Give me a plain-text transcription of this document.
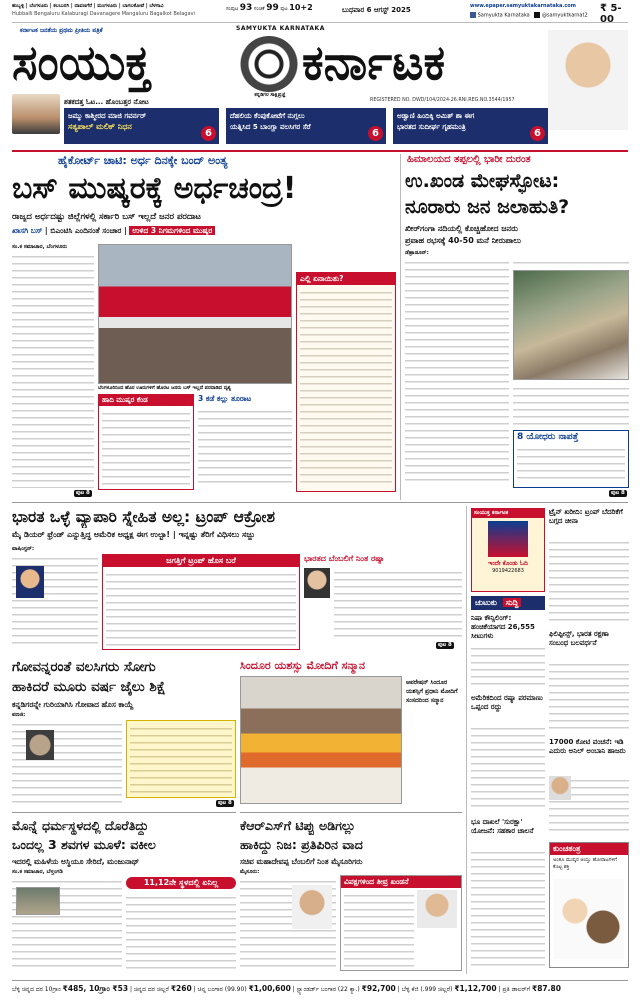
ಹುಬ್ಬಳ್ಳಿ | ಬೆಂಗಳೂರು | ಕಲಬುರಗಿ | ದಾವಣಗೆರೆ | ಮಂಗಳೂರು | ಬಾಗಲಕೋಟೆ | ಬೆಳಗಾವಿ
Hubballi Bengaluru Kalaburagi Davanagere Mangaluru Bagalkot Belagavi
ಸಂಪುಟ 93 ಸಂಚಿಕೆ 99 ಪುಟ 10+2	ಬುಧವಾರ 6 ಆಗಸ್ಟ್ 2025	www.epaper.samyuktakarnataka.com
Samyukta Karnataka @samyuktkarnat2
₹ 5-00
ಕರ್ನಾಟಕ ಜನತೆಯ ಪ್ರಥಮ ಪ್ರೀತಿಯ ಪತ್ರಿಕೆ	SAMYUKTA KARNATAKA
ಸಂಯುಕ್ತ
ಕನ್ನಡಿಗರ ಸಾಕ್ಷಿಪ್ರಜ್ಞೆ
ಕರ್ನಾಟಕ
ಶತಕದತ್ತ ಓಟ... ಹೊಂಬತ್ತರ ನೋಟ	REGISTERED NO. DWD/104/2024-26.RNI.REG.NO.3544/1957
ಜಮ್ಮು ಕಾಶ್ಮೀರದ ಮಾಜಿ ಗವರ್ನರ್
ಸತ್ಯಪಾಲ್ ಮಲಿಕ್ ನಿಧನ
6
ದೆಹಲಿಯ ಕೆಂಪುಕೋಟೆಗೆ ನುಗ್ಗಲು
ಯತ್ನಿಸಿದ 5 ಬಾಂಗ್ಲಾ ವಲಸಿಗರ ಸೆರೆ
6
ಅಡ್ವಾಣಿ ಹಿಂದಿಕ್ಕಿ ಅಮಿತ್ ಶಾ ಈಗ
ಭಾರತದ ಸುದೀರ್ಘ ಗೃಹಮಂತ್ರಿ
6
ಹೈಕೋರ್ಟ್ ಚಾಟಿ: ಅರ್ಧ ದಿನಕ್ಕೇ ಬಂದ್ ಅಂತ್ಯ
ಬಸ್ ಮುಷ್ಕರಕ್ಕೆ ಅರ್ಧಚಂದ್ರ!
ರಾಜ್ಯದ ಅರ್ಧದಷ್ಟು ಜಿಲ್ಲೆಗಳಲ್ಲಿ ಸರ್ಕಾರಿ ಬಸ್ ಇಲ್ಲದೆ ಜನರ ಪರದಾಟ
ಖಾಸಗಿ ಬಸ್ | ಬಿಎಂಟಿಸಿ ಎಂದಿನಂತೆ ಸಂಚಾರ | ಉಳಿದ 3 ನಿಗಮಗಳಿಂದ ಮುಷ್ಕರ
ಸಂ.ಕ ಸಮಾಚಾರ, ಬೆಂಗಳೂರು
ಪುಟ 8
ಬೆಂಗಳೂರಿನಿಂದ ಹೊರ ಊರುಗಳಿಗೆ ಹೊರಟ ಜನರು ಬಸ್ ಇಲ್ಲದೆ ಪರದಾಡಿದ ದೃಶ್ಯ
ಹಾದಿ ಮುಷ್ಕರ ಕೆಂಡ	3 ಕಡೆ ಕಲ್ಲು ತೂರಾಟ
ಎಲ್ಲಿ ಏನಾಯಿತು?
ಹಿಮಾಲಯದ ತಪ್ಪಲಲ್ಲಿ ಭಾರೀ ದುರಂತ
ಉ.ಖಂಡ ಮೇಘಸ್ಫೋಟ:
ನೂರಾರು ಜನ ಜಲಾಹುತಿ?
ಖೀರ್‌ಗಂಗಾ ನದಿಯಲ್ಲಿ ಕೊಚ್ಚಿಹೋದ ಜನರು
ಪ್ರವಾಹ ರಭಸಕ್ಕೆ 40-50 ಮನೆ ನೀರುಪಾಲು
ಡೆಹ್ರಾಡೂನ್:
8 ಯೋಧರು ನಾಪತ್ತೆ
ಪುಟ 8
ಭಾರತ ಒಳ್ಳೆ ವ್ಯಾಪಾರಿ ಸ್ನೇಹಿತ ಅಲ್ಲ: ಟ್ರಂಪ್ ಆಕ್ರೋಶ
ಮೈ ಡಿಯರ್ ಫ್ರೆಂಡ್ ಎನ್ನುತ್ತಿದ್ದ ಅಮೆರಿಕ ಅಧ್ಯಕ್ಷ ಈಗ ಉಲ್ಟಾ! | ಇನ್ನಷ್ಟು ತೆರಿಗೆ ವಿಧಿಸಲು ಸಜ್ಜು
ವಾಷಿಂಗ್ಟನ್:
ಜಗತ್ತಿಗೆ ಟ್ರಂಪ್ ಹೊಸ ಬರೆ	ಭಾರತದ ಬೆಂಬಲಿಗೆ ನಿಂತ ರಷ್ಯಾ
ಪುಟ 8
ಗೋವನ್ನರಂತೆ ವಲಸಿಗರು ಸೋಗು
ಹಾಕಿದರೆ ಮೂರು ವರ್ಷ ಜೈಲು ಶಿಕ್ಷೆ
ಕನ್ನಡಿಗರನ್ನೇ ಗುರಿಯಾಗಿಸಿ ಗೋವಾದ ಹೊಸ ಕಾಯ್ದೆ
ಪಣಜಿ:
ಪುಟ 8
ಸಿಂದೂರ ಯಶಸ್ಸು ಮೋದಿಗೆ ಸನ್ಮಾನ
ಆಪರೇಷನ್ ಸಿಂದೂರ ಯಶಸ್ಸಿಗೆ ಪ್ರಧಾನಿ ಮೋದಿಗೆ ಸಂಸದರಿಂದ ಸನ್ಮಾನ
ಮೊನ್ನೆ ಧರ್ಮಸ್ಥಳದಲ್ಲಿ ದೊರೆತಿದ್ದು
ಒಂದಲ್ಲ 3 ಶವಗಳ ಮೂಳೆ: ವಕೀಲ
ಇದರಲ್ಲಿ ಮಹಿಳೆಯ ಅಸ್ಥಿಯೂ ಸೇರಿದೆ, ಮಂಜುನಾಥ್
ಸಂ.ಕ ಸಮಾಚಾರ, ಬೆಳ್ತಂಗಡಿ
11,12ನೇ ಸ್ಥಳದಲ್ಲಿ ಏನಿಲ್ಲ
ಕೆಆರ್‌ಎಸ್‌ಗೆ ಟಿಪ್ಪು ಅಡಿಗಲ್ಲು
ಹಾಕಿದ್ದು ನಿಜ: ಪ್ರತಿಪಿರಿನ ವಾದ
ಸಚಿವ ಮಹಾದೇವಪ್ಪ ಬೆಂಬಲಿಗೆ ನಿಂತ ಮೈಸೂರಿಗರು
ಮೈಸೂರು:
ವಿಪಕ್ಷಗಳಿಂದ ತೀವ್ರ ಖಂಡನೆ
ಸಂಯುಕ್ತ ಕರ್ನಾಟಕ
ಇಂದೇ ಕೊಂಡು ಓದಿ
9019422683
ಟ್ರೈನ್ ಖರೀದಿ: ಟ್ರಂಪ್ ಬೆದರಿಕೆಗೆ ಬಗ್ಗದ ಚೀನಾ
ಚುಟುಕು ಸುದ್ದಿ
ನಿಷಾ ಕೌನ್ಸಿಲಿಂಗ್: ಹಂಚಿಕೆಯಾಗದ 26,555 ಸೀಟುಗಳು	ಫಿಲಿಪ್ಪೀನ್ಸ್, ಭಾರತ ರಕ್ಷಣಾ ಸಂಬಂಧ ಬಲವರ್ಧನೆ
ಅಮೆರಿಕದಿಂದ ರಷ್ಯಾ ಪರಮಾಣು ಒಪ್ಪಂದ ರದ್ದು
17000 ಕೋಟಿ ವಂಚನೆ: ಇಡಿ ಎದುರು ಅನಿಲ್ ಅಂಬಾನಿ ಹಾಜರು
ಭೂ ದಾಖಲೆ 'ಸುರಕ್ಷಾ' ಯೋಜನೆ: ಸಹಕಾರ ಚಾಲನೆ
ಕುಂಚತಂತ್ರ
ಅಂತೂ ಮುಷ್ಕರ ಆಯ್ತು ಹೋರಾಟಗಳಿಗೆ ಕೊಟ್ಟ ಶಕ್ತಿ
ಬೆಳ್ಳಿ ಚಿನ್ನದ ದರ 10ಗ್ರಾಂ ₹485, 10ಗ್ರಾಂ ₹53 | ಚಿನ್ನದ ದರ ಚಿಲ್ಲರೆ ₹260 | ಚಿನ್ನ ಬಂಗಾರ (99.90) ₹1,00,600 | ಸ್ಟ್ಯಾಂಡರ್ಡ್ ಬಂಗಾರ (22 ಕ್ಯಾ.) ₹92,700 | ಬೆಳ್ಳಿ ಕೆಜಿ (.999 ಚಿಲ್ಲರೆ) ₹1,12,700 | ಪ್ರತಿ ಡಾಲರ್‌ಗೆ ₹87.80
